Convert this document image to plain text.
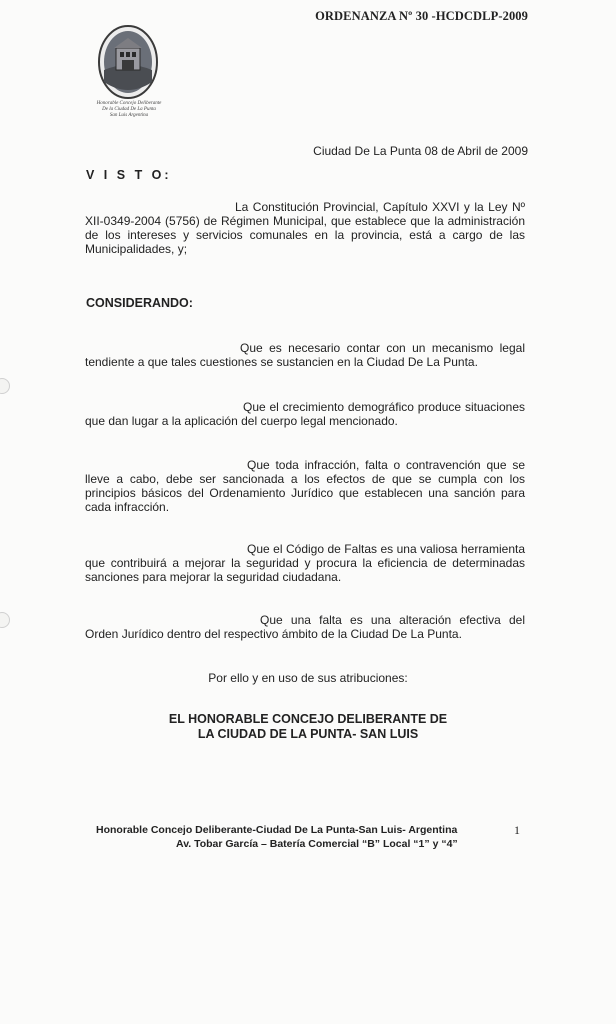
ORDENANZA Nº 30 -HCDCDLP-2009
Honorable Concejo Deliberante
De la Ciudad De La Punta
San Luis Argentina
Ciudad De La Punta 08 de Abril de 2009
V I S T O:
La Constitución Provincial, Capítulo XXVI y la Ley Nº XII-0349-2004 (5756) de Régimen Municipal, que establece que la administración de los intereses y servicios comunales en la provincia, está a cargo de las Municipalidades, y;
CONSIDERANDO:
Que es necesario contar con un mecanismo legal tendiente a que tales cuestiones se sustancien en la Ciudad De La Punta.
Que el crecimiento demográfico produce situaciones que dan lugar a la aplicación del cuerpo legal mencionado.
Que toda infracción, falta o contravención que se lleve a cabo, debe ser sancionada a los efectos de que se cumpla con los principios básicos del Ordenamiento Jurídico que establecen una sanción para cada infracción.
Que el Código de Faltas es una valiosa herramienta que contribuirá a mejorar la seguridad y procura la eficiencia de determinadas sanciones para mejorar la seguridad ciudadana.
Que una falta es una alteración efectiva del Orden Jurídico dentro del respectivo ámbito de la Ciudad De La Punta.
Por ello y en uso de sus atribuciones:
EL HONORABLE CONCEJO DELIBERANTE DE
LA CIUDAD DE LA PUNTA- SAN LUIS
Honorable Concejo Deliberante-Ciudad De La Punta-San Luis- Argentina
Av. Tobar García – Batería Comercial “B” Local “1” y “4”
1
